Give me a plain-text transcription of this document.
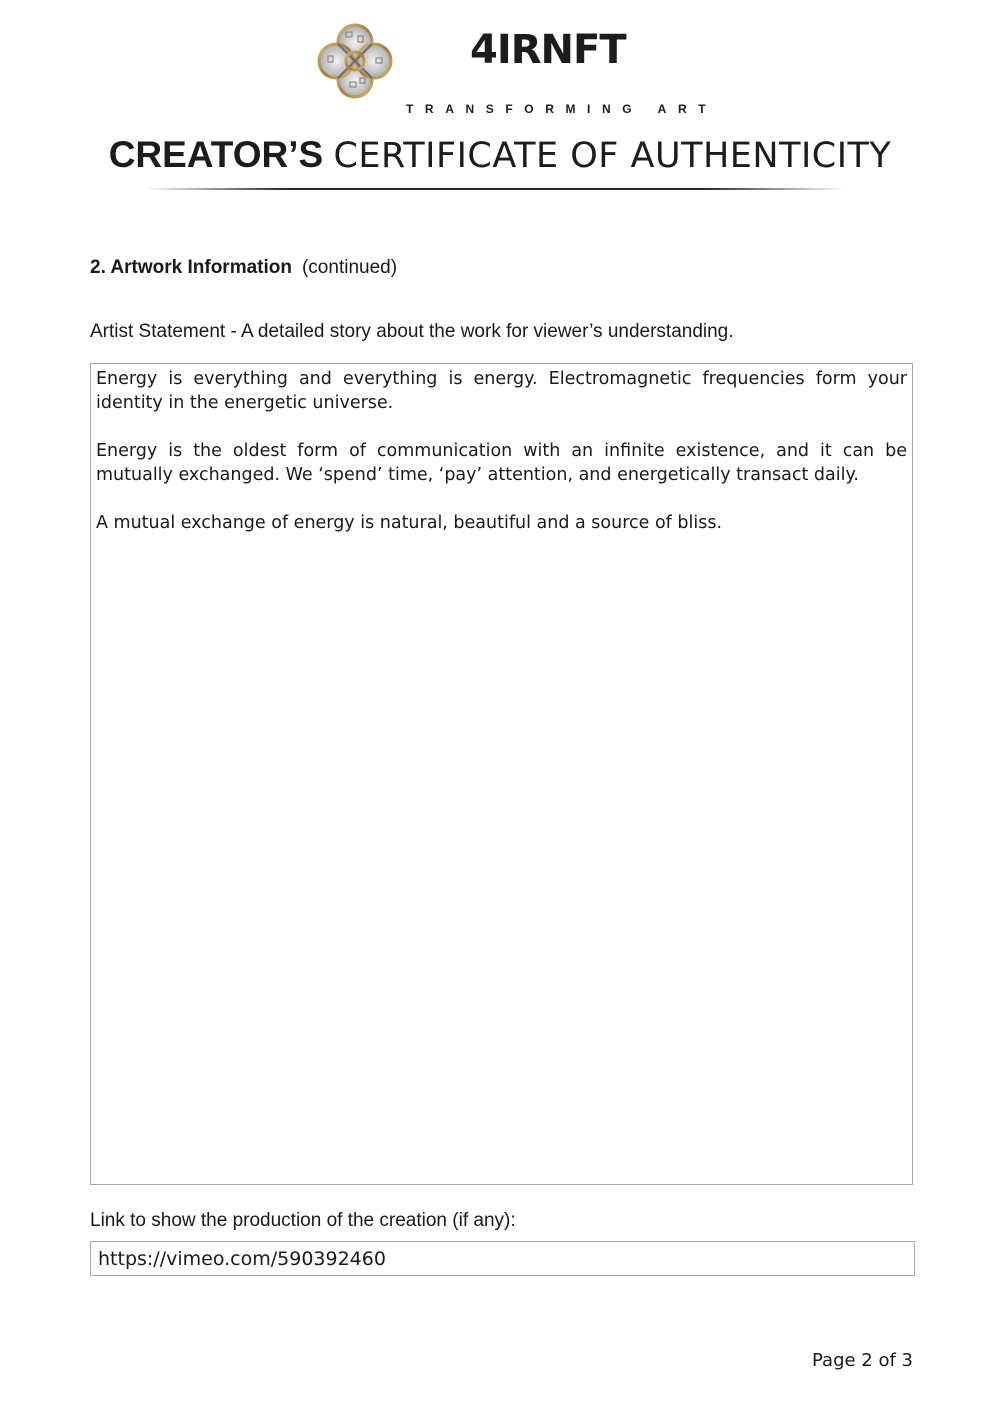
4IRNFT
TRANSFORMING ART
CREATOR’S CERTIFICATE OF AUTHENTICITY
2. Artwork Information (continued)
Artist Statement - A detailed story about the work for viewer’s understanding.

Energy is everything and everything is energy. Electromagnetic frequencies form your identity in the energetic universe.

Energy is the oldest form of communication with an infinite existence, and it can be mutually exchanged. We ‘spend’ time, ‘pay’ attention, and energetically transact daily.

A mutual exchange of energy is natural, beautiful and a source of bliss.

Link to show the production of the creation (if any):
https://vimeo.com/590392460
Page 2 of 3
